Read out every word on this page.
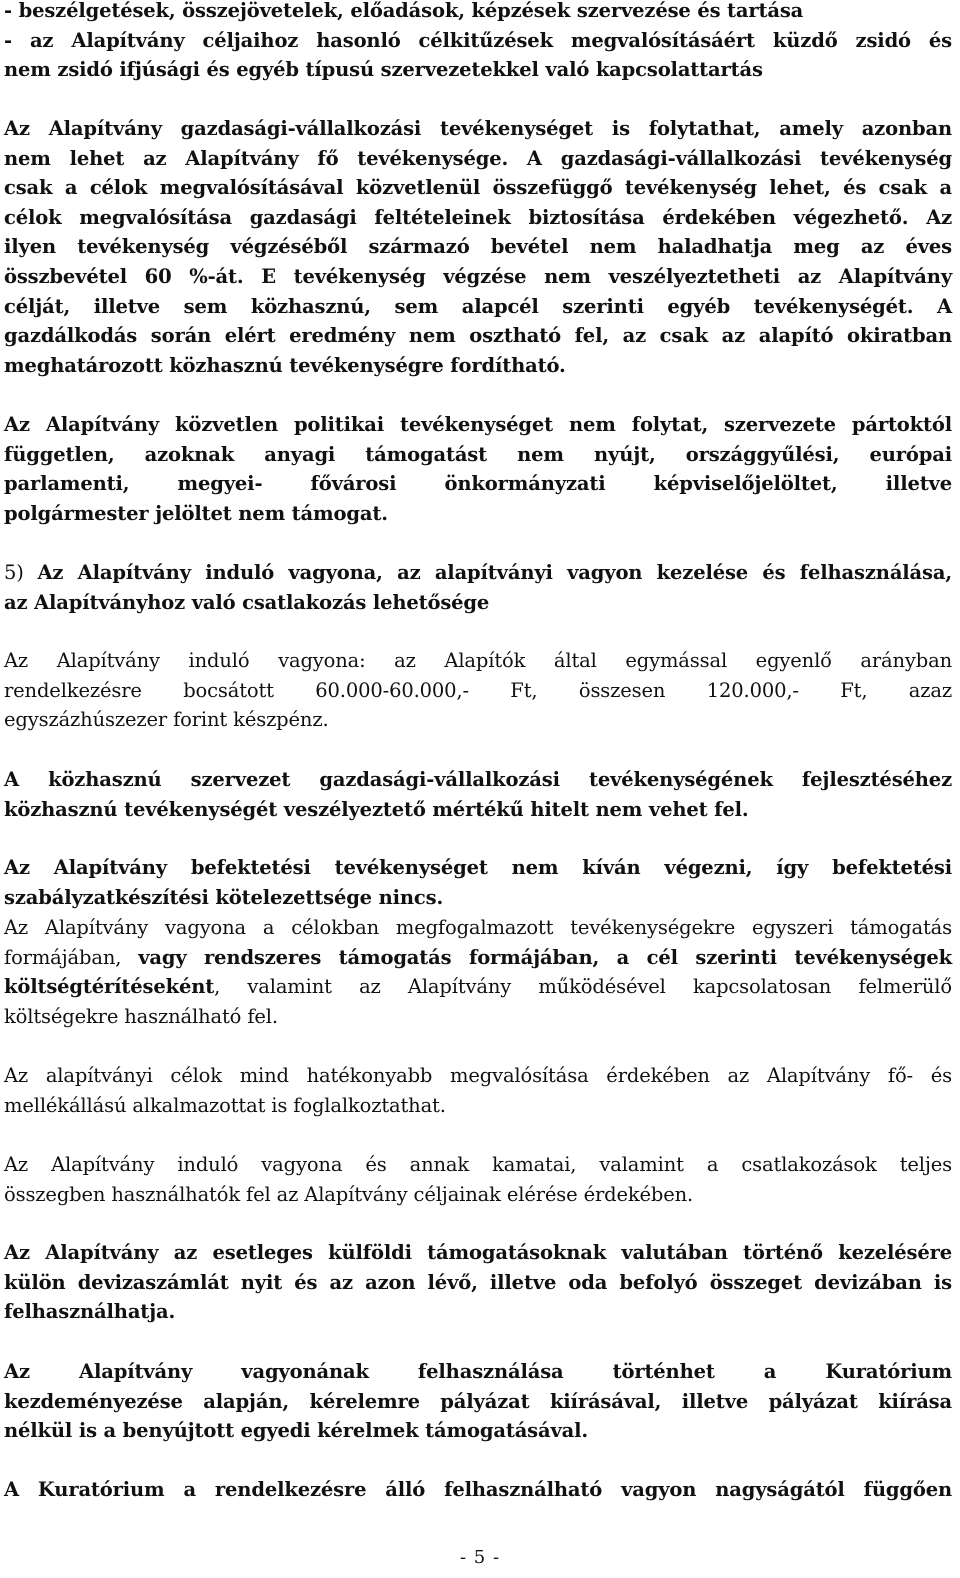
- beszélgetések, összejövetelek, előadások, képzések szervezése és tartása
- az Alapítvány céljaihoz hasonló célkitűzések megvalósításáért küzdő zsidó és
nem zsidó ifjúsági és egyéb típusú szervezetekkel való kapcsolattartás

Az Alapítvány gazdasági-vállalkozási tevékenységet is folytathat, amely azonban
nem lehet az Alapítvány fő tevékenysége. A gazdasági-vállalkozási tevékenység
csak a célok megvalósításával közvetlenül összefüggő tevékenység lehet, és csak a
célok megvalósítása gazdasági feltételeinek biztosítása érdekében végezhető. Az
ilyen tevékenység végzéséből származó bevétel nem haladhatja meg az éves
összbevétel 60 %-át. E tevékenység végzése nem veszélyeztetheti az Alapítvány
célját, illetve sem közhasznú, sem alapcél szerinti egyéb tevékenységét. A
gazdálkodás során elért eredmény nem osztható fel, az csak az alapító okiratban
meghatározott közhasznú tevékenységre fordítható.

Az Alapítvány közvetlen politikai tevékenységet nem folytat, szervezete pártoktól
független, azoknak anyagi támogatást nem nyújt, országgyűlési, európai
parlamenti, megyei- fővárosi önkormányzati képviselőjelöltet, illetve
polgármester jelöltet nem támogat.

5) Az Alapítvány induló vagyona, az alapítványi vagyon kezelése és felhasználása,
az Alapítványhoz való csatlakozás lehetősége

Az Alapítvány induló vagyona: az Alapítók által egymással egyenlő arányban
rendelkezésre bocsátott 60.000-60.000,- Ft, összesen 120.000,- Ft, azaz
egyszázhúszezer forint készpénz.

A közhasznú szervezet gazdasági-vállalkozási tevékenységének fejlesztéséhez
közhasznú tevékenységét veszélyeztető mértékű hitelt nem vehet fel.

Az Alapítvány befektetési tevékenységet nem kíván végezni, így befektetési
szabályzatkészítési kötelezettsége nincs.

Az Alapítvány vagyona a célokban megfogalmazott tevékenységekre egyszeri támogatás
formájában, vagy rendszeres támogatás formájában, a cél szerinti tevékenységek
költségtérítéseként, valamint az Alapítvány működésével kapcsolatosan felmerülő
költségekre használható fel.

Az alapítványi célok mind hatékonyabb megvalósítása érdekében az Alapítvány fő- és
mellékállású alkalmazottat is foglalkoztathat.

Az Alapítvány induló vagyona és annak kamatai, valamint a csatlakozások teljes
összegben használhatók fel az Alapítvány céljainak elérése érdekében.

Az Alapítvány az esetleges külföldi támogatásoknak valutában történő kezelésére
külön devizaszámlát nyit és az azon lévő, illetve oda befolyó összeget devizában is
felhasználhatja.

Az Alapítvány vagyonának felhasználása történhet a Kuratórium
kezdeményezése alapján, kérelemre pályázat kiírásával, illetve pályázat kiírása
nélkül is a benyújtott egyedi kérelmek támogatásával.

A Kuratórium a rendelkezésre álló felhasználható vagyon nagyságától függően

- 5 -
